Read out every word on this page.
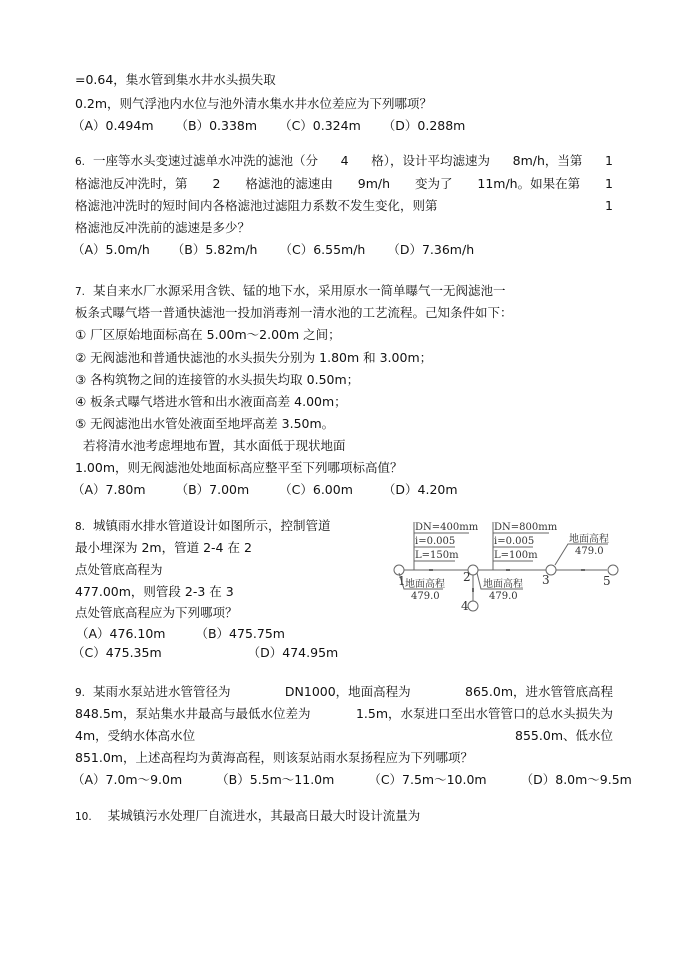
=0.64，集水管到集水井水头损失取
0.2m，则气浮池内水位与池外清水集水井水位差应为下列哪项？
（A）0.494m （B）0.338m （C）0.324m （D）0.288m
6. 一座等水头变速过滤单水冲洗的滤池（分 4 格），设计平均滤速为 8m/h，当第 1
格滤池反冲洗时，第 2 格滤池的滤速由 9m/h 变为了 11m/h。如果在第 1
格滤池冲洗时的短时间内各格滤池过滤阻力系数不发生变化，则第	1
格滤池反冲洗前的滤速是多少？
（A）5.0m/h （B）5.82m/h （C）6.55m/h （D）7.36m/h
7. 某自来水厂水源采用含铁、锰的地下水，采用原水一简单曝气一无阀滤池一
板条式曝气塔一普通快滤池一投加消毒剂一清水池的工艺流程。己知条件如下：
① 厂区原始地面标高在 5.00m～2.00m 之间；
② 无阀滤池和普通快滤池的水头损失分别为 1.80m 和 3.00m；
③ 各构筑物之间的连接管的水头损失均取 0.50m；
④ 板条式曝气塔进水管和出水液面高差 4.00m；
⑤ 无阀滤池出水管处液面至地坪高差 3.50m。
若将清水池考虑埋地布置，其水面低于现状地面
1.00m，则无阀滤池处地面标高应整平至下列哪项标高值？
（A）7.80m （B）7.00m （C）6.00m （D）4.20m
8. 城镇雨水排水管道设计如图所示，控制管道
最小埋深为 2m，管道 2-4 在 2
点处管底高程为
477.00m，则管段 2-3 在 3
点处管底高程应为下列哪项？
（A）476.10m （B）475.75m
（C）475.35m	（D）474.95m
DN=400mm
i=0.005
L=150m
DN=800mm
i=0.005
L=100m
地面高程
479.0
地面高程
479.0
地面高程
479.0
1	2	3
4
5
9. 某雨水泵站进水管管径为	DN1000，地面高程为	865.0m，进水管管底高程
848.5m，泵站集水井最高与最低水位差为	1.5m，水泵进口至出水管管口的总水头损失为
4m，受纳水体高水位	855.0m、低水位
851.0m，上述高程均为黄海高程，则该泵站雨水泵扬程应为下列哪项？
（A）7.0m～9.0m	（B）5.5m～11.0m	（C）7.5m～10.0m	（D）8.0m～9.5m
10. 某城镇污水处理厂自流进水，其最高日最大时设计流量为
